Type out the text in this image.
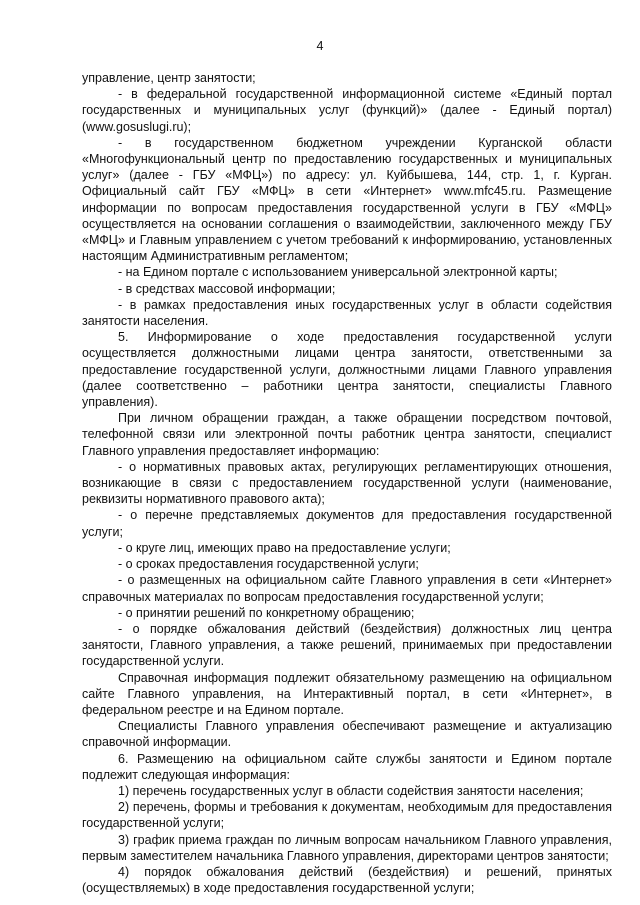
4

управление, центр занятости;

- в федеральной государственной информационной системе «Единый портал государственных и муниципальных услуг (функций)» (далее - Единый портал) (www.gosuslugi.ru);

- в государственном бюджетном учреждении Курганской области «Многофункциональный центр по предоставлению государственных и муниципальных услуг» (далее - ГБУ «МФЦ») по адресу: ул. Куйбышева, 144, стр. 1, г. Курган. Официальный сайт ГБУ «МФЦ» в сети «Интернет» www.mfc45.ru. Размещение информации по вопросам предоставления государственной услуги в ГБУ «МФЦ» осуществляется на основании соглашения о взаимодействии, заключенного между ГБУ «МФЦ» и Главным управлением с учетом требований к информированию, установленных настоящим Административным регламентом;

- на Едином портале с использованием универсальной электронной карты;

- в средствах массовой информации;

- в рамках предоставления иных государственных услуг в области содействия занятости населения.

5. Информирование о ходе предоставления государственной услуги осуществляется должностными лицами центра занятости, ответственными за предоставление государственной услуги, должностными лицами Главного управления (далее соответственно – работники центра занятости, специалисты Главного управления).

При личном обращении граждан, а также обращении посредством почтовой, телефонной связи или электронной почты работник центра занятости, специалист Главного управления предоставляет информацию:

- о нормативных правовых актах, регулирующих регламентирующих отношения, возникающие в связи с предоставлением государственной услуги (наименование, реквизиты нормативного правового акта);

- о перечне представляемых документов для предоставления государственной услуги;

- о круге лиц, имеющих право на предоставление услуги;

- о сроках предоставления государственной услуги;

- о размещенных на официальном сайте Главного управления в сети «Интернет» справочных материалах по вопросам предоставления государственной услуги;

- о принятии решений по конкретному обращению;

- о порядке обжалования действий (бездействия) должностных лиц центра занятости, Главного управления, а также решений, принимаемых при предоставлении государственной услуги.

Справочная информация подлежит обязательному размещению на официальном сайте Главного управления, на Интерактивный портал, в сети «Интернет», в федеральном реестре и на Едином портале.

Специалисты Главного управления обеспечивают размещение и актуализацию справочной информации.

6. Размещению на официальном сайте службы занятости и Едином портале подлежит следующая информация:

1) перечень государственных услуг в области содействия занятости населения;

2) перечень, формы и требования к документам, необходимым для предоставления государственной услуги;

3) график приема граждан по личным вопросам начальником Главного управления, первым заместителем начальника Главного управления, директорами центров занятости;

4) порядок обжалования действий (бездействия) и решений, принятых (осуществляемых) в ходе предоставления государственной услуги;
